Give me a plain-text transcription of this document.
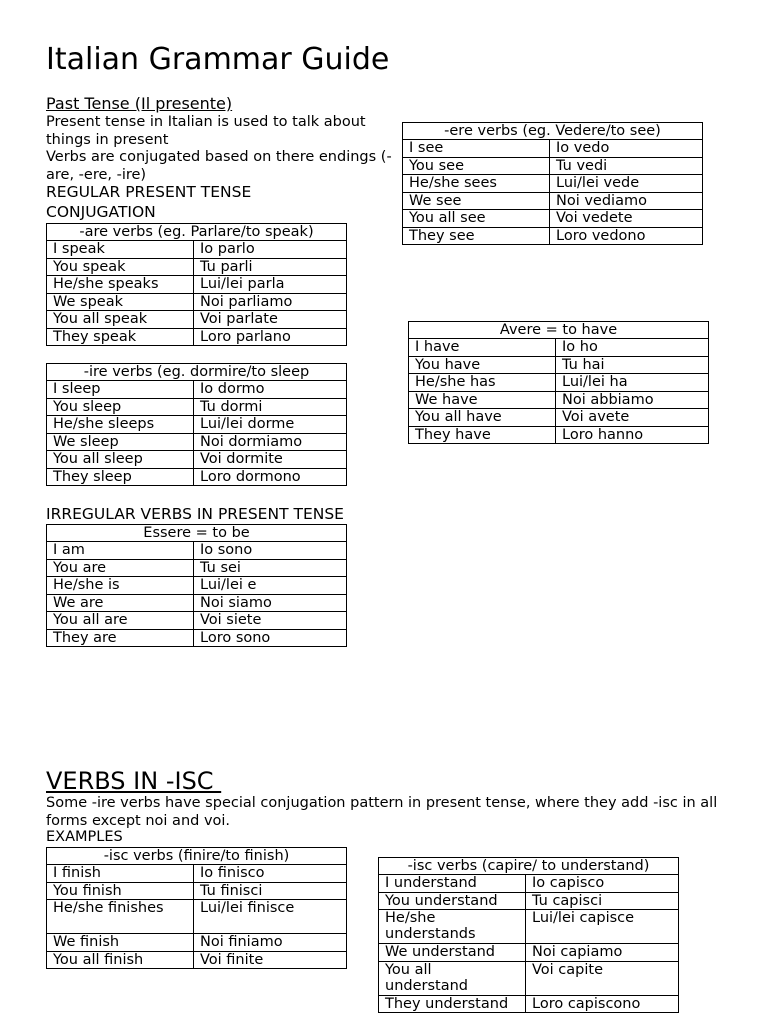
Italian Grammar Guide
Past Tense (Il presente)
Present tense in Italian is used to talk about things in present
Verbs are conjugated based on there endings (-are, -ere, -ire)
REGULAR PRESENT TENSE CONJUGATION
-are verbs (eg. Parlare/to speak)	
I speak	Io parlo
You speak	Tu parli
He/she speaks	Lui/lei parla
We speak	Noi parliamo
You all speak	Voi parlate
They speak	Loro parlano
-ere verbs (eg. Vedere/to see)	
I see	Io vedo
You see	Tu vedi
He/she sees	Lui/lei vede
We see	Noi vediamo
You all see	Voi vedete
They see	Loro vedono
Avere = to have	
I have	Io ho
You have	Tu hai
He/she has	Lui/lei ha
We have	Noi abbiamo
You all have	Voi avete
They have	Loro hanno
-ire verbs (eg. dormire/to sleep	
I sleep	Io dormo
You sleep	Tu dormi
He/she sleeps	Lui/lei dorme
We sleep	Noi dormiamo
You all sleep	Voi dormite
They sleep	Loro dormono
IRREGULAR VERBS IN PRESENT TENSE
Essere = to be	
I am	Io sono
You are	Tu sei
He/she is	Lui/lei e
We are	Noi siamo
You all are	Voi siete
They are	Loro sono
VERBS IN -ISC
Some -ire verbs have special conjugation pattern in present tense, where they add -isc in all forms except noi and voi.
EXAMPLES
-isc verbs (finire/to finish)	
I finish	Io finisco
You finish	Tu finisci
He/she finishes	Lui/lei finisce
We finish	Noi finiamo
You all finish	Voi finite
-isc verbs (capire/ to understand)	
I understand	Io capisco
You understand	Tu capisci
He/she understands	Lui/lei capisce
We understand	Noi capiamo
You all understand	Voi capite
They understand	Loro capiscono
